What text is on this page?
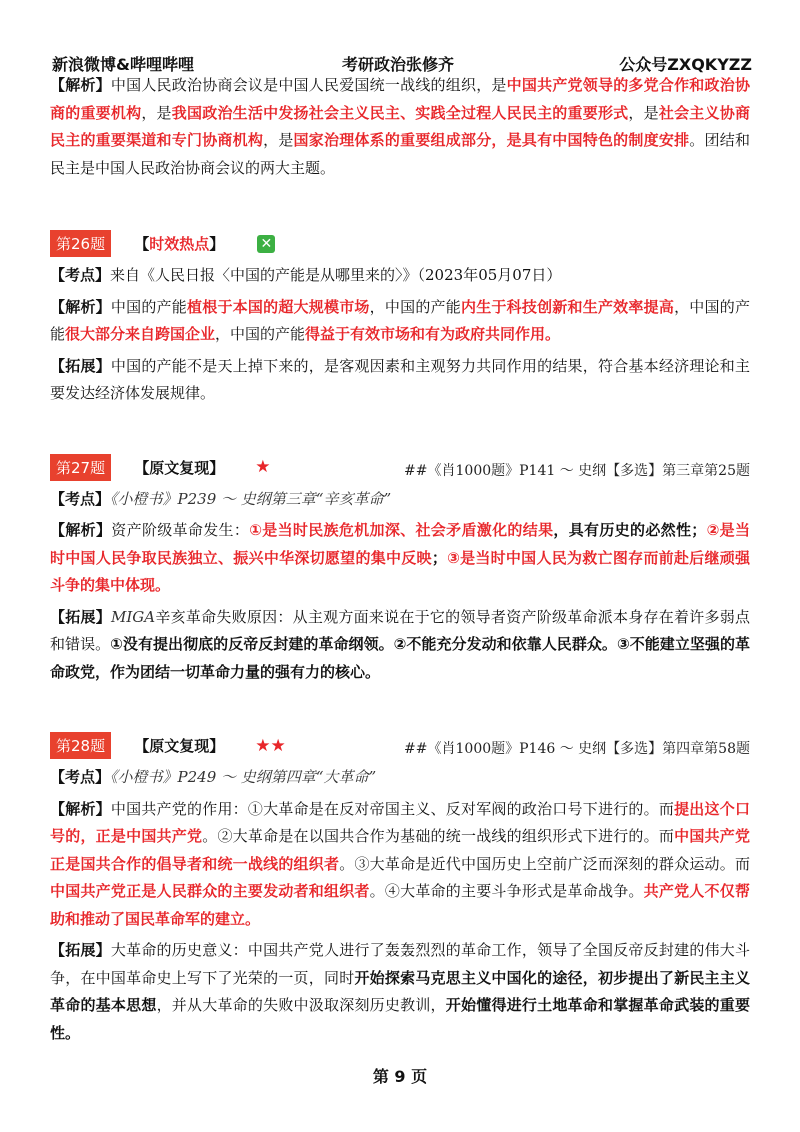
新浪微博&哔哩哔哩	考研政治张修齐	公众号ZXQKYZZ

【解析】中国人民政治协商会议是中国人民爱国统一战线的组织，是中国共产党领导的多党合作和政治协商的重要机构，是我国政治生活中发扬社会主义民主、实践全过程人民民主的重要形式，是社会主义协商民主的重要渠道和专门协商机构，是国家治理体系的重要组成部分，是具有中国特色的制度安排。团结和民主是中国人民政治协商会议的两大主题。

第26题 【时效热点】	✕

【考点】来自《人民日报〈中国的产能是从哪里来的〉》（2023年05月07日）

【解析】中国的产能植根于本国的超大规模市场，中国的产能内生于科技创新和生产效率提高，中国的产能很大部分来自跨国企业，中国的产能得益于有效市场和有为政府共同作用。

【拓展】中国的产能不是天上掉下来的，是客观因素和主观努力共同作用的结果，符合基本经济理论和主要发达经济体发展规律。

第27题 【原文复现】 ★	##《肖1000题》P141 ～ 史纲【多选】第三章第25题

【考点】《小橙书》P239 ～ 史纲第三章“辛亥革命”

【解析】资产阶级革命发生：①是当时民族危机加深、社会矛盾激化的结果，具有历史的必然性；②是当时中国人民争取民族独立、振兴中华深切愿望的集中反映；③是当时中国人民为救亡图存而前赴后继顽强斗争的集中体现。

【拓展】MIGA辛亥革命失败原因：从主观方面来说在于它的领导者资产阶级革命派本身存在着许多弱点和错误。①没有提出彻底的反帝反封建的革命纲领。②不能充分发动和依靠人民群众。③不能建立坚强的革命政党，作为团结一切革命力量的强有力的核心。

第28题 【原文复现】 ★★	##《肖1000题》P146 ～ 史纲【多选】第四章第58题

【考点】《小橙书》P249 ～ 史纲第四章“大革命”

【解析】中国共产党的作用：①大革命是在反对帝国主义、反对军阀的政治口号下进行的。而提出这个口号的，正是中国共产党。②大革命是在以国共合作为基础的统一战线的组织形式下进行的。而中国共产党正是国共合作的倡导者和统一战线的组织者。③大革命是近代中国历史上空前广泛而深刻的群众运动。而中国共产党正是人民群众的主要发动者和组织者。④大革命的主要斗争形式是革命战争。共产党人不仅帮助和推动了国民革命军的建立。

【拓展】大革命的历史意义：中国共产党人进行了轰轰烈烈的革命工作，领导了全国反帝反封建的伟大斗争，在中国革命史上写下了光荣的一页，同时开始探索马克思主义中国化的途径，初步提出了新民主主义革命的基本思想，并从大革命的失败中汲取深刻历史教训，开始懂得进行土地革命和掌握革命武装的重要性。

第 9 页
